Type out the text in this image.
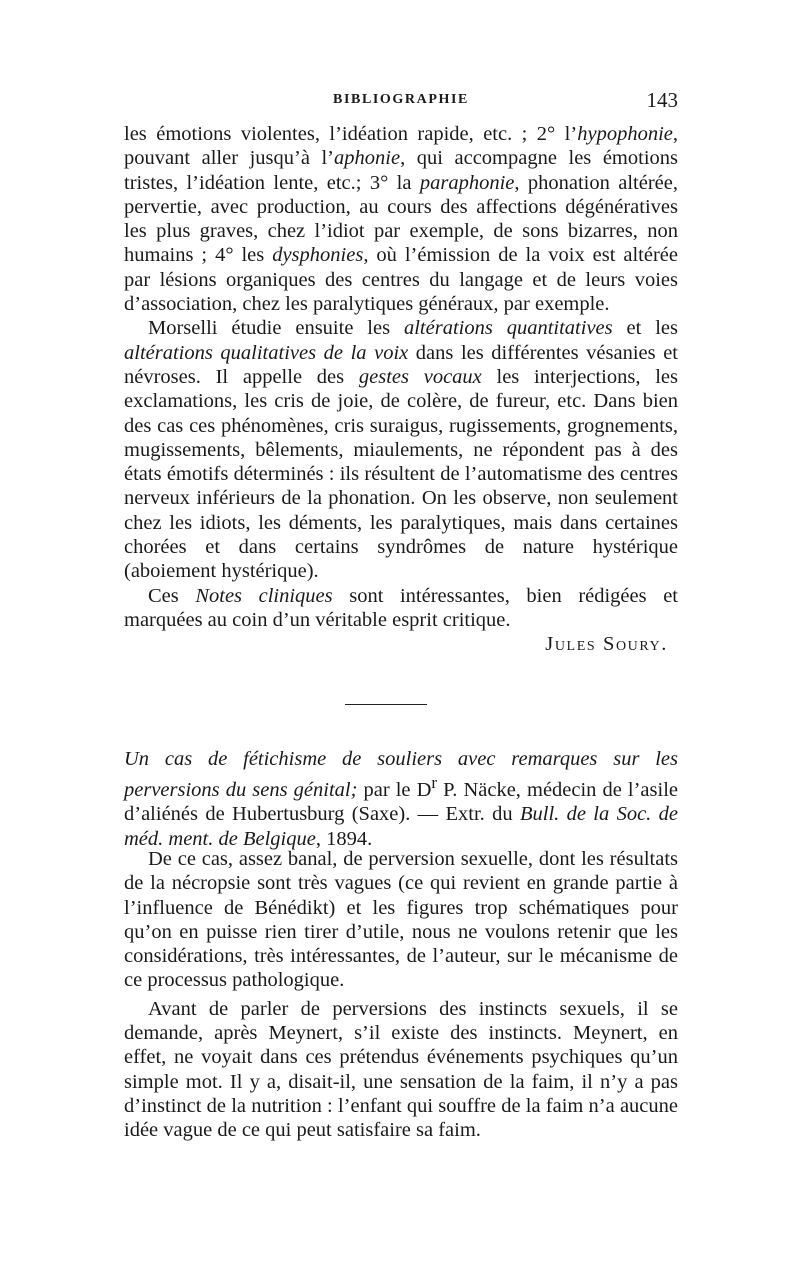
BIBLIOGRAPHIE	143

les émotions violentes, l’idéation rapide, etc. ; 2° l’hypophonie, pouvant aller jusqu’à l’aphonie, qui accompagne les émotions tristes, l’idéation lente, etc.; 3° la paraphonie, phonation altérée, pervertie, avec production, au cours des affections dégénératives les plus graves, chez l’idiot par exemple, de sons bizarres, non humains ; 4° les dysphonies, où l’émission de la voix est altérée par lésions organiques des centres du langage et de leurs voies d’association, chez les paralytiques généraux, par exemple.

Morselli étudie ensuite les altérations quantitatives et les altérations qualitatives de la voix dans les différentes vésanies et névroses. Il appelle des gestes vocaux les interjections, les exclamations, les cris de joie, de colère, de fureur, etc. Dans bien des cas ces phénomènes, cris suraigus, rugissements, grognements, mugissements, bêlements, miaulements, ne répondent pas à des états émotifs déterminés : ils résultent de l’automatisme des centres nerveux inférieurs de la phonation. On les observe, non seulement chez les idiots, les déments, les paralytiques, mais dans certaines chorées et dans certains syndrômes de nature hystérique (aboiement hystérique).

Ces Notes cliniques sont intéressantes, bien rédigées et marquées au coin d’un véritable esprit critique.

Jules Soury.

Un cas de fétichisme de souliers avec remarques sur les perversions du sens génital; par le $D^r$ P. Näcke, médecin de l’asile d’aliénés de Hubertusburg (Saxe). — Extr. du Bull. de la Soc. de méd. ment. de Belgique, 1894.

De ce cas, assez banal, de perversion sexuelle, dont les résultats de la nécropsie sont très vagues (ce qui revient en grande partie à l’influence de Bénédikt) et les figures trop schématiques pour qu’on en puisse rien tirer d’utile, nous ne voulons retenir que les considérations, très intéressantes, de l’auteur, sur le mécanisme de ce processus pathologique.

Avant de parler de perversions des instincts sexuels, il se demande, après Meynert, s’il existe des instincts. Meynert, en effet, ne voyait dans ces prétendus événements psychiques qu’un simple mot. Il y a, disait-il, une sensation de la faim, il n’y a pas d’instinct de la nutrition : l’enfant qui souffre de la faim n’a aucune idée vague de ce qui peut satisfaire sa faim.
